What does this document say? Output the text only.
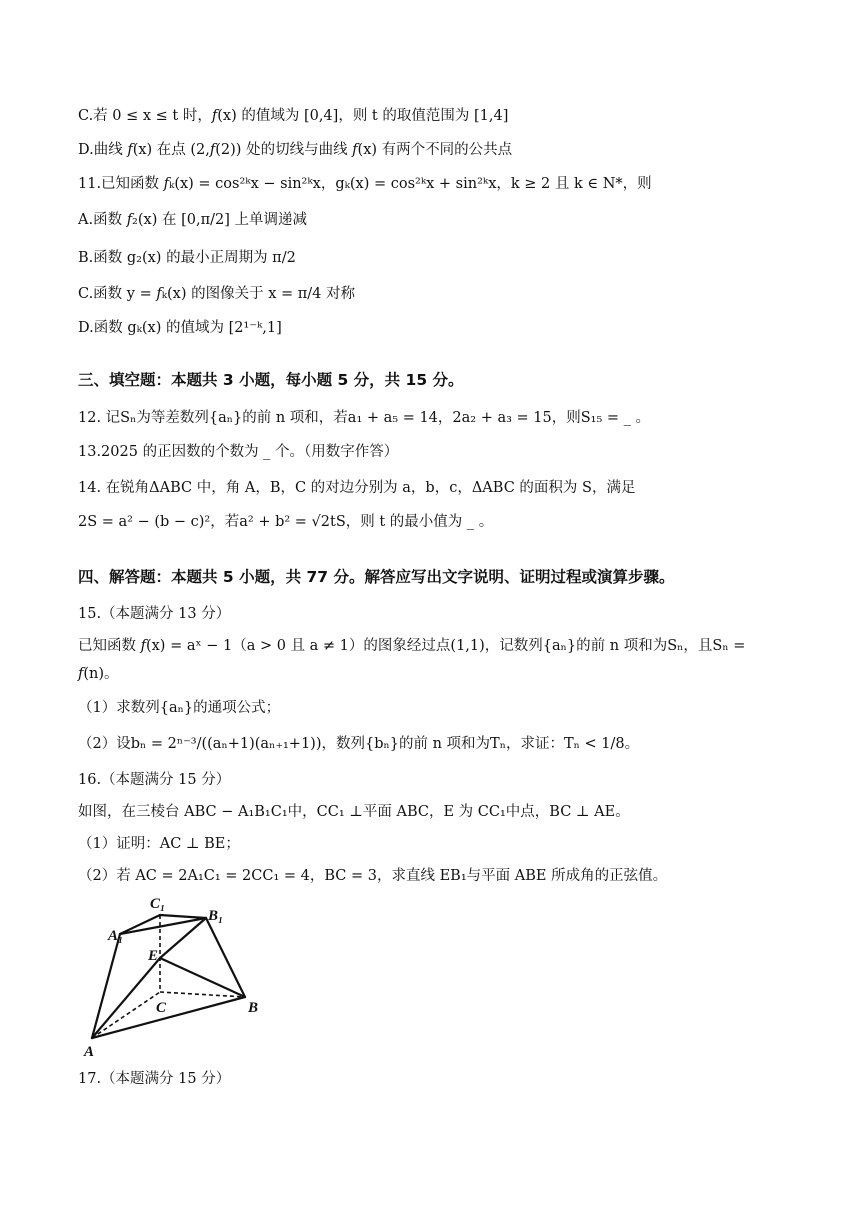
C.若 0 ≤ x ≤ t 时，𝑓(x) 的值域为 [0,4]，则 t 的取值范围为 [1,4]
D.曲线 𝑓(x) 在点 (2,𝑓(2)) 处的切线与曲线 𝑓(x) 有两个不同的公共点
11.已知函数 𝑓ₖ(x) = cos²ᵏx − sin²ᵏx，gₖ(x) = cos²ᵏx + sin²ᵏx，k ≥ 2 且 k ∈ N*，则
A.函数 𝑓₂(x) 在 [0,π/2] 上单调递减
B.函数 g₂(x) 的最小正周期为 π/2
C.函数 y = 𝑓ₖ(x) 的图像关于 x = π/4 对称
D.函数 gₖ(x) 的值域为 [2¹⁻ᵏ,1]
三、填空题：本题共 3 小题，每小题 5 分，共 15 分。
12. 记Sₙ为等差数列{aₙ}的前 n 项和，若a₁ + a₅ = 14，2a₂ + a₃ = 15，则S₁₅ = _ 。
13.2025 的正因数的个数为 _ 个。（用数字作答）
14. 在锐角ΔABC 中，角 A，B，C 的对边分别为 a，b，c，ΔABC 的面积为 S，满足
2S = a² − (b − c)²，若a² + b² = √2tS，则 t 的最小值为 _ 。
四、解答题：本题共 5 小题，共 77 分。解答应写出文字说明、证明过程或演算步骤。
15.（本题满分 13 分）
已知函数 𝑓(x) = aˣ − 1（a > 0 且 a ≠ 1）的图象经过点(1,1)，记数列{aₙ}的前 n 项和为Sₙ，且Sₙ =
𝑓(n)。
（1）求数列{aₙ}的通项公式；
（2）设bₙ = 2ⁿ⁻³/((aₙ+1)(aₙ₊₁+1))，数列{bₙ}的前 n 项和为Tₙ，求证：Tₙ < 1/8。
16.（本题满分 15 分）
如图，在三棱台 ABC − A₁B₁C₁中，CC₁ ⊥平面 ABC，E 为 CC₁中点，BC ⊥ AE。
（1）证明：AC ⊥ BE；
（2）若 AC = 2A₁C₁ = 2CC₁ = 4，BC = 3，求直线 EB₁与平面 ABE 所成角的正弦值。
C₁
B₁
A₁
E
C	B
A
17.（本题满分 15 分）
